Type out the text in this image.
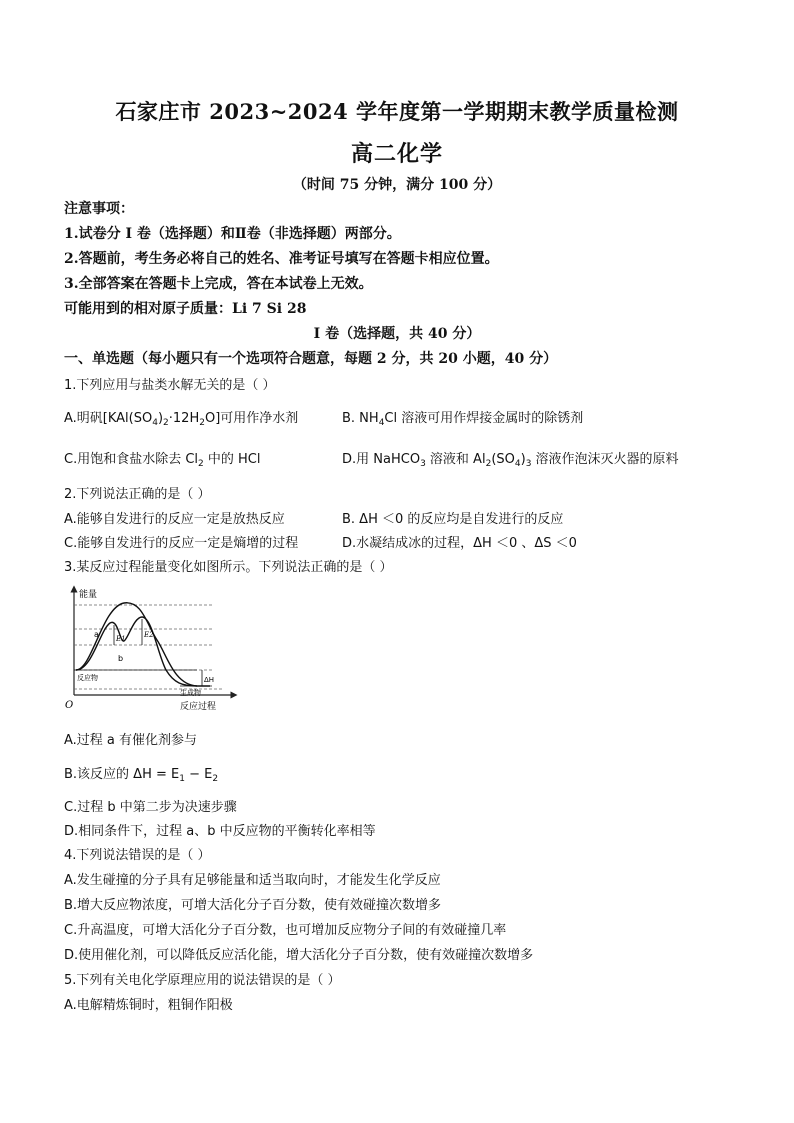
石家庄市 2023~2024 学年度第一学期期末教学质量检测
高二化学
（时间 75 分钟，满分 100 分）
注意事项：
1.试卷分 I 卷（选择题）和Ⅱ卷（非选择题）两部分。
2.答题前，考生务必将自己的姓名、准考证号填写在答题卡相应位置。
3.全部答案在答题卡上完成，答在本试卷上无效。
可能用到的相对原子质量：Li 7 Si 28
I 卷（选择题，共 40 分）
一、单选题（每小题只有一个选项符合题意，每题 2 分，共 20 小题，40 分）
1.下列应用与盐类水解无关的是（ ）
A.明矾$[KAl(SO_4)_2\cdot 12H_2O]$可用作净水剂	B. $NH_4Cl$ 溶液可用作焊接金属时的除锈剂
C.用饱和食盐水除去 $Cl_2$ 中的 HCl	D.用 NaHCO$_3$ 溶液和 $Al_2(SO_4)_3$ 溶液作泡沫灭火器的原料
2.下列说法正确的是（ ）
A.能够自发进行的反应一定是放热反应	B. ΔH ＜0 的反应均是自发进行的反应
C.能够自发进行的反应一定是熵增的过程	D.水凝结成冰的过程，ΔH ＜0 、ΔS ＜0
3.某反应过程能量变化如图所示。下列说法正确的是（ ）
能量
反应过程
O
反应物
生成物
ΔH
a
b
E1	E2
A.过程 a 有催化剂参与
B.该反应的 $\Delta H = E_1 - E_2$
C.过程 b 中第二步为决速步骤
D.相同条件下，过程 a、b 中反应物的平衡转化率相等
4.下列说法错误的是（ ）
A.发生碰撞的分子具有足够能量和适当取向时，才能发生化学反应
B.增大反应物浓度，可增大活化分子百分数，使有效碰撞次数增多
C.升高温度，可增大活化分子百分数，也可增加反应物分子间的有效碰撞几率
D.使用催化剂，可以降低反应活化能，增大活化分子百分数，使有效碰撞次数增多
5.下列有关电化学原理应用的说法错误的是（ ）
A.电解精炼铜时，粗铜作阳极
